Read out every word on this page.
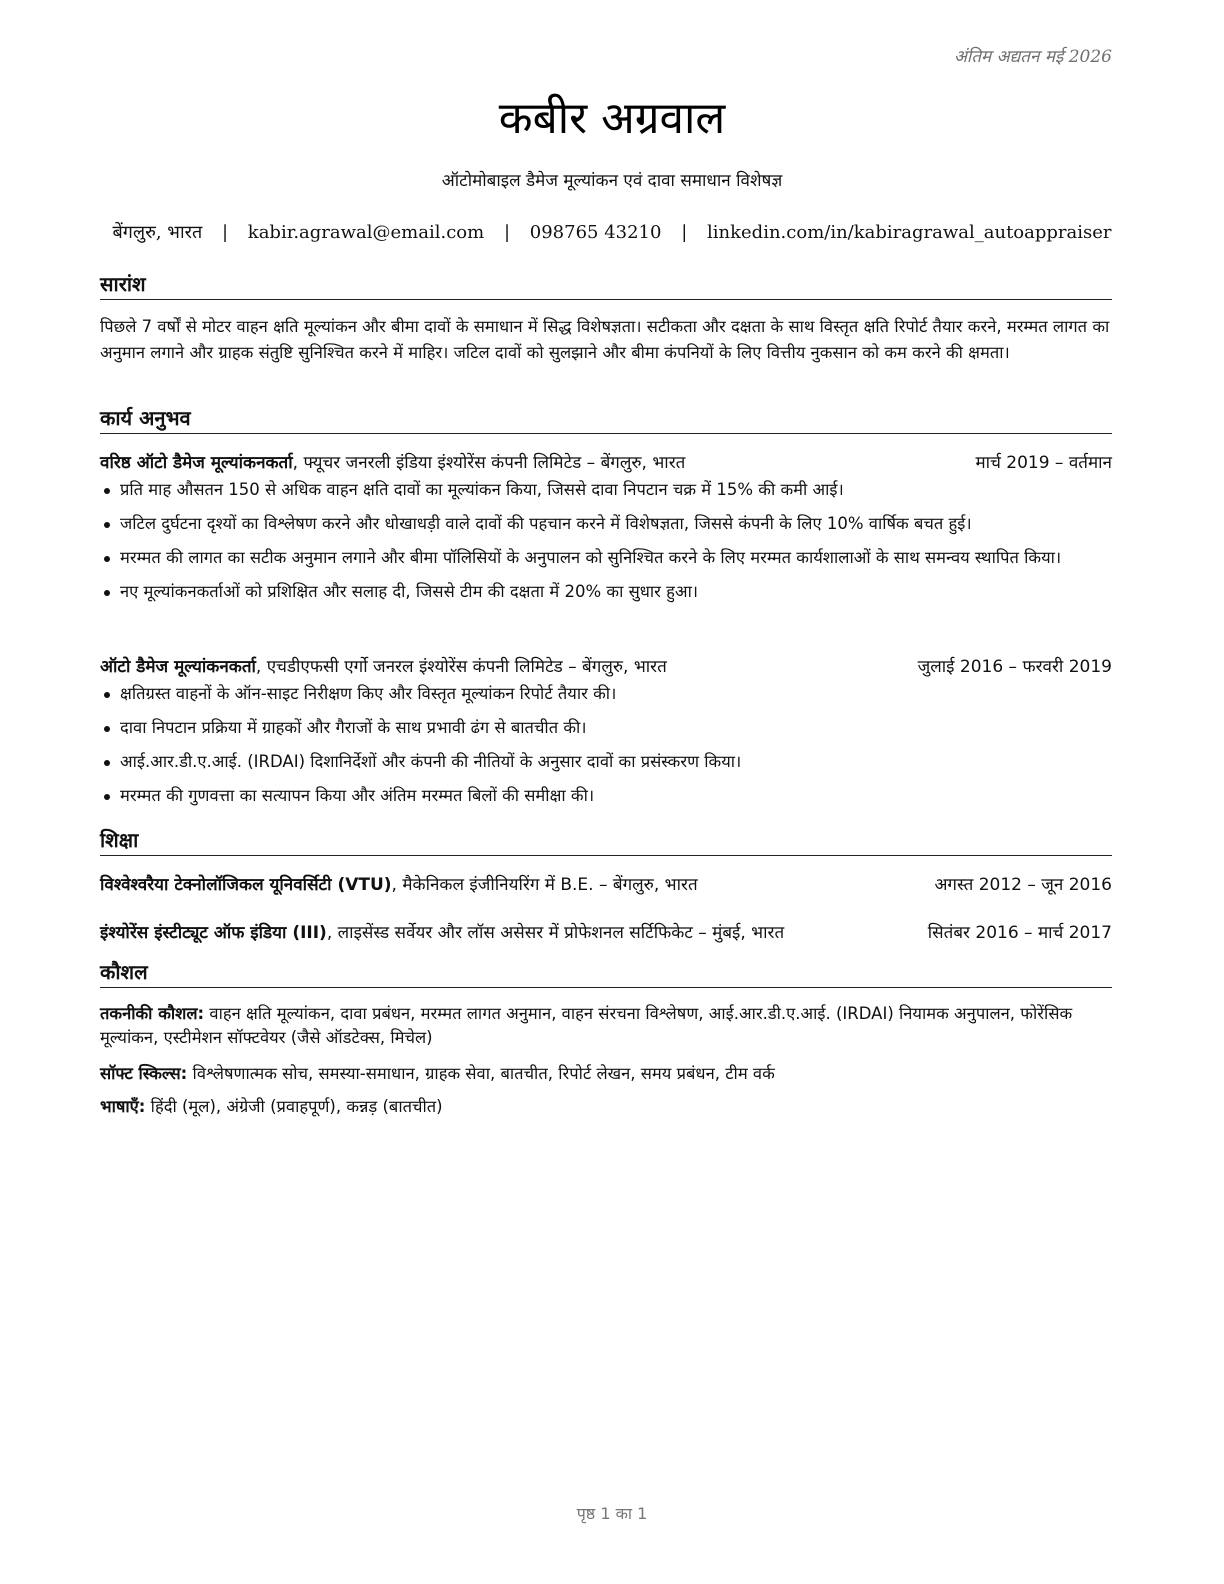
अंतिम अद्यतन मई 2026
कबीर अग्रवाल
ऑटोमोबाइल डैमेज मूल्यांकन एवं दावा समाधान विशेषज्ञ
बेंगलुरु, भारत | kabir.agrawal@email.com | 098765 43210 | linkedin.com/in/kabiragrawal_autoappraiser
सारांश
पिछले 7 वर्षों से मोटर वाहन क्षति मूल्यांकन और बीमा दावों के समाधान में सिद्ध विशेषज्ञता। सटीकता और दक्षता के साथ विस्तृत क्षति रिपोर्ट तैयार करने, मरम्मत लागत का अनुमान लगाने और ग्राहक संतुष्टि सुनिश्चित करने में माहिर। जटिल दावों को सुलझाने और बीमा कंपनियों के लिए वित्तीय नुकसान को कम करने की क्षमता।
कार्य अनुभव
वरिष्ठ ऑटो डैमेज मूल्यांकनकर्ता, फ्यूचर जनरली इंडिया इंश्योरेंस कंपनी लिमिटेड – बेंगलुरु, भारत	मार्च 2019 – वर्तमान
प्रति माह औसतन 150 से अधिक वाहन क्षति दावों का मूल्यांकन किया, जिससे दावा निपटान चक्र में 15% की कमी आई।
जटिल दुर्घटना दृश्यों का विश्लेषण करने और धोखाधड़ी वाले दावों की पहचान करने में विशेषज्ञता, जिससे कंपनी के लिए 10% वार्षिक बचत हुई।
मरम्मत की लागत का सटीक अनुमान लगाने और बीमा पॉलिसियों के अनुपालन को सुनिश्चित करने के लिए मरम्मत कार्यशालाओं के साथ समन्वय स्थापित किया।
नए मूल्यांकनकर्ताओं को प्रशिक्षित और सलाह दी, जिससे टीम की दक्षता में 20% का सुधार हुआ।
ऑटो डैमेज मूल्यांकनकर्ता, एचडीएफसी एर्गो जनरल इंश्योरेंस कंपनी लिमिटेड – बेंगलुरु, भारत	जुलाई 2016 – फरवरी 2019
क्षतिग्रस्त वाहनों के ऑन-साइट निरीक्षण किए और विस्तृत मूल्यांकन रिपोर्ट तैयार की।
दावा निपटान प्रक्रिया में ग्राहकों और गैराजों के साथ प्रभावी ढंग से बातचीत की।
आई.आर.डी.ए.आई. (IRDAI) दिशानिर्देशों और कंपनी की नीतियों के अनुसार दावों का प्रसंस्करण किया।
मरम्मत की गुणवत्ता का सत्यापन किया और अंतिम मरम्मत बिलों की समीक्षा की।
शिक्षा
विश्वेश्वरैया टेक्नोलॉजिकल यूनिवर्सिटी (VTU), मैकेनिकल इंजीनियरिंग में B.E. – बेंगलुरु, भारत	अगस्त 2012 – जून 2016
इंश्योरेंस इंस्टीट्यूट ऑफ इंडिया (III), लाइसेंस्ड सर्वेयर और लॉस असेसर में प्रोफेशनल सर्टिफिकेट – मुंबई, भारत	सितंबर 2016 – मार्च 2017
कौशल
तकनीकी कौशल: वाहन क्षति मूल्यांकन, दावा प्रबंधन, मरम्मत लागत अनुमान, वाहन संरचना विश्लेषण, आई.आर.डी.ए.आई. (IRDAI) नियामक अनुपालन, फोरेंसिक मूल्यांकन, एस्टीमेशन सॉफ्टवेयर (जैसे ऑडटेक्स, मिचेल)
सॉफ्ट स्किल्स: विश्लेषणात्मक सोच, समस्या-समाधान, ग्राहक सेवा, बातचीत, रिपोर्ट लेखन, समय प्रबंधन, टीम वर्क
भाषाएँ: हिंदी (मूल), अंग्रेजी (प्रवाहपूर्ण), कन्नड़ (बातचीत)
पृष्ठ 1 का 1
